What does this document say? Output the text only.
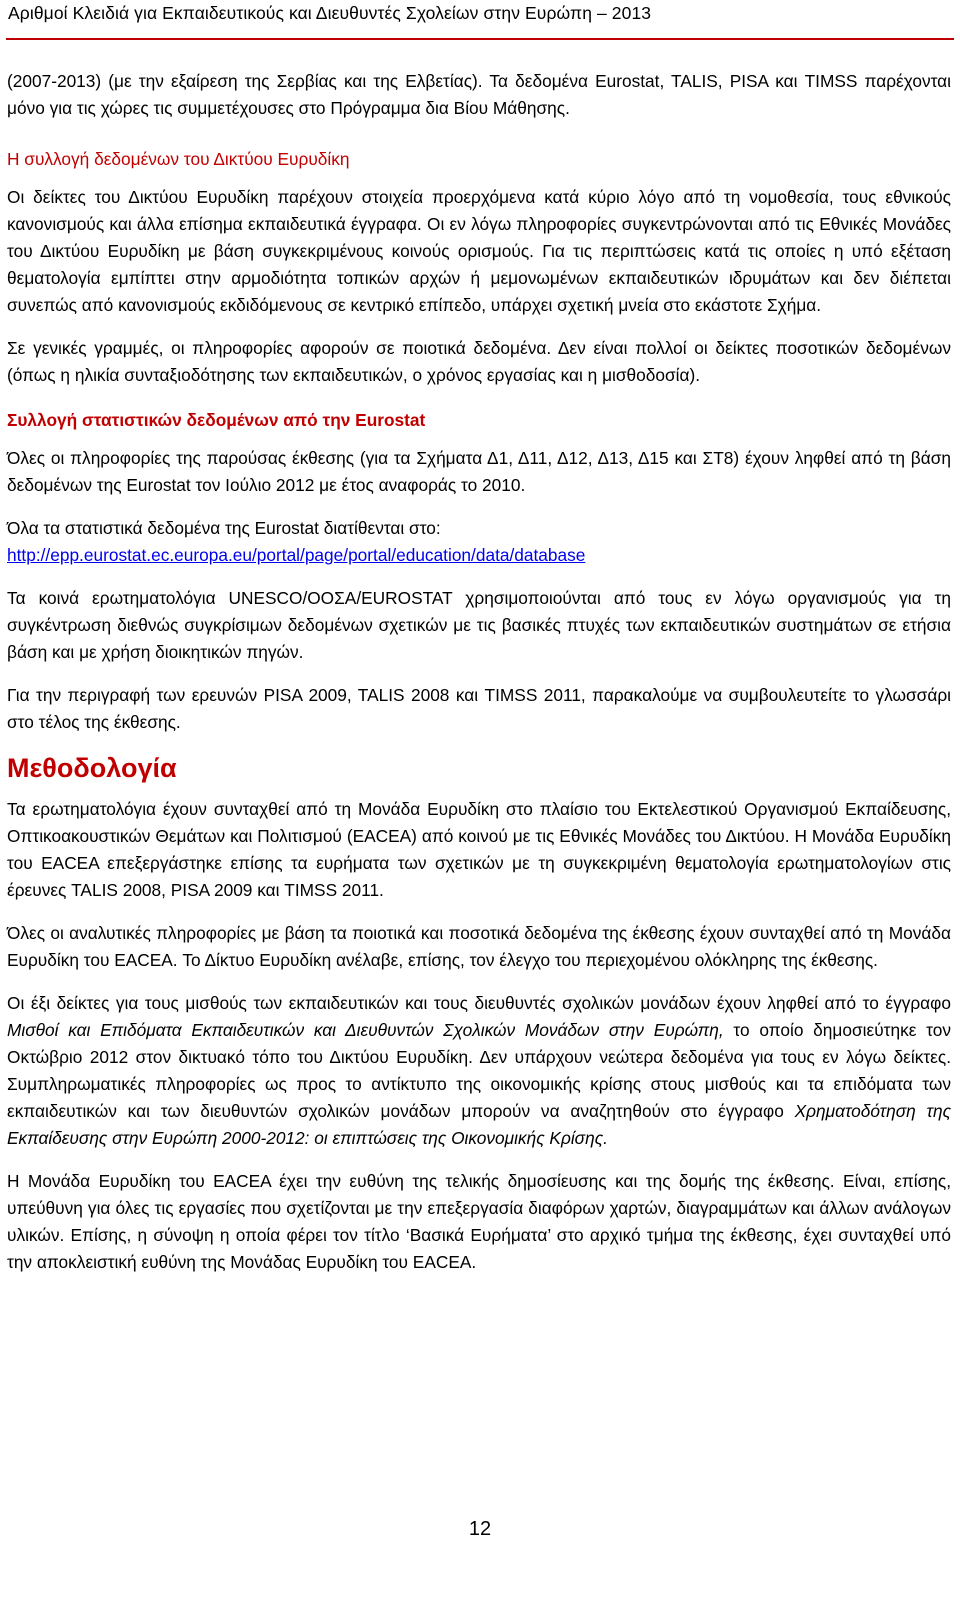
Αριθμοί Κλειδιά για Εκπαιδευτικούς και Διευθυντές Σχολείων στην Ευρώπη – 2013

(2007-2013) (με την εξαίρεση της Σερβίας και της Ελβετίας). Τα δεδομένα Eurostat, TALIS, PISA και TIMSS παρέχονται μόνο για τις χώρες τις συμμετέχουσες στο Πρόγραμμα δια Βίου Μάθησης.

Η συλλογή δεδομένων του Δικτύου Ευρυδίκη

Οι δείκτες του Δικτύου Ευρυδίκη παρέχουν στοιχεία προερχόμενα κατά κύριο λόγο από τη νομοθεσία, τους εθνικούς κανονισμούς και άλλα επίσημα εκπαιδευτικά έγγραφα. Οι εν λόγω πληροφορίες συγκεντρώνονται από τις Εθνικές Μονάδες του Δικτύου Ευρυδίκη με βάση συγκεκριμένους κοινούς ορισμούς. Για τις περιπτώσεις κατά τις οποίες η υπό εξέταση θεματολογία εμπίπτει στην αρμοδιότητα τοπικών αρχών ή μεμονωμένων εκπαιδευτικών ιδρυμάτων και δεν διέπεται συνεπώς από κανονισμούς εκδιδόμενους σε κεντρικό επίπεδο, υπάρχει σχετική μνεία στο εκάστοτε Σχήμα.

Σε γενικές γραμμές, οι πληροφορίες αφορούν σε ποιοτικά δεδομένα. Δεν είναι πολλοί οι δείκτες ποσοτικών δεδομένων (όπως η ηλικία συνταξιοδότησης των εκπαιδευτικών, ο χρόνος εργασίας και η μισθοδοσία).

Συλλογή στατιστικών δεδομένων από την Eurostat

Όλες οι πληροφορίες της παρούσας έκθεσης (για τα Σχήματα Δ1, Δ11, Δ12, Δ13, Δ15 και ΣΤ8) έχουν ληφθεί από τη βάση δεδομένων της Eurostat τον Ιούλιο 2012 με έτος αναφοράς το 2010.

Όλα τα στατιστικά δεδομένα της Eurostat διατίθενται στο:
http://epp.eurostat.ec.europa.eu/portal/page/portal/education/data/database

Τα κοινά ερωτηματολόγια UNESCO/ΟΟΣΑ/EUROSTAT χρησιμοποιούνται από τους εν λόγω οργανισμούς για τη συγκέντρωση διεθνώς συγκρίσιμων δεδομένων σχετικών με τις βασικές πτυχές των εκπαιδευτικών συστημάτων σε ετήσια βάση και με χρήση διοικητικών πηγών.

Για την περιγραφή των ερευνών PISA 2009, TALIS 2008 και TIMSS 2011, παρακαλούμε να συμβουλευτείτε το γλωσσάρι στο τέλος της έκθεσης.

Μεθοδολογία

Τα ερωτηματολόγια έχουν συνταχθεί από τη Μονάδα Ευρυδίκη στο πλαίσιο του Εκτελεστικού Οργανισμού Εκπαίδευσης, Οπτικοακουστικών Θεμάτων και Πολιτισμού (EACEA) από κοινού με τις Εθνικές Μονάδες του Δικτύου. Η Μονάδα Ευρυδίκη του EACEA επεξεργάστηκε επίσης τα ευρήματα των σχετικών με τη συγκεκριμένη θεματολογία ερωτηματολογίων στις έρευνες TALIS 2008, PISA 2009 και TIMSS 2011.

Όλες οι αναλυτικές πληροφορίες με βάση τα ποιοτικά και ποσοτικά δεδομένα της έκθεσης έχουν συνταχθεί από τη Μονάδα Ευρυδίκη του EACEA. Το Δίκτυο Ευρυδίκη ανέλαβε, επίσης, τον έλεγχο του περιεχομένου ολόκληρης της έκθεσης.

Οι έξι δείκτες για τους μισθούς των εκπαιδευτικών και τους διευθυντές σχολικών μονάδων έχουν ληφθεί από το έγγραφο Μισθοί και Επιδόματα Εκπαιδευτικών και Διευθυντών Σχολικών Μονάδων στην Ευρώπη, το οποίο δημοσιεύτηκε τον Οκτώβριο 2012 στον δικτυακό τόπο του Δικτύου Ευρυδίκη. Δεν υπάρχουν νεώτερα δεδομένα για τους εν λόγω δείκτες. Συμπληρωματικές πληροφορίες ως προς το αντίκτυπο της οικονομικής κρίσης στους μισθούς και τα επιδόματα των εκπαιδευτικών και των διευθυντών σχολικών μονάδων μπορούν να αναζητηθούν στο έγγραφο Χρηματοδότηση της Εκπαίδευσης στην Ευρώπη 2000-2012: οι επιπτώσεις της Οικονομικής Κρίσης.

Η Μονάδα Ευρυδίκη του EACEA έχει την ευθύνη της τελικής δημοσίευσης και της δομής της έκθεσης. Είναι, επίσης, υπεύθυνη για όλες τις εργασίες που σχετίζονται με την επεξεργασία διαφόρων χαρτών, διαγραμμάτων και άλλων ανάλογων υλικών. Επίσης, η σύνοψη η οποία φέρει τον τίτλο ‘Βασικά Ευρήματα’ στο αρχικό τμήμα της έκθεσης, έχει συνταχθεί υπό την αποκλειστική ευθύνη της Μονάδας Ευρυδίκη του EACEA.

12
